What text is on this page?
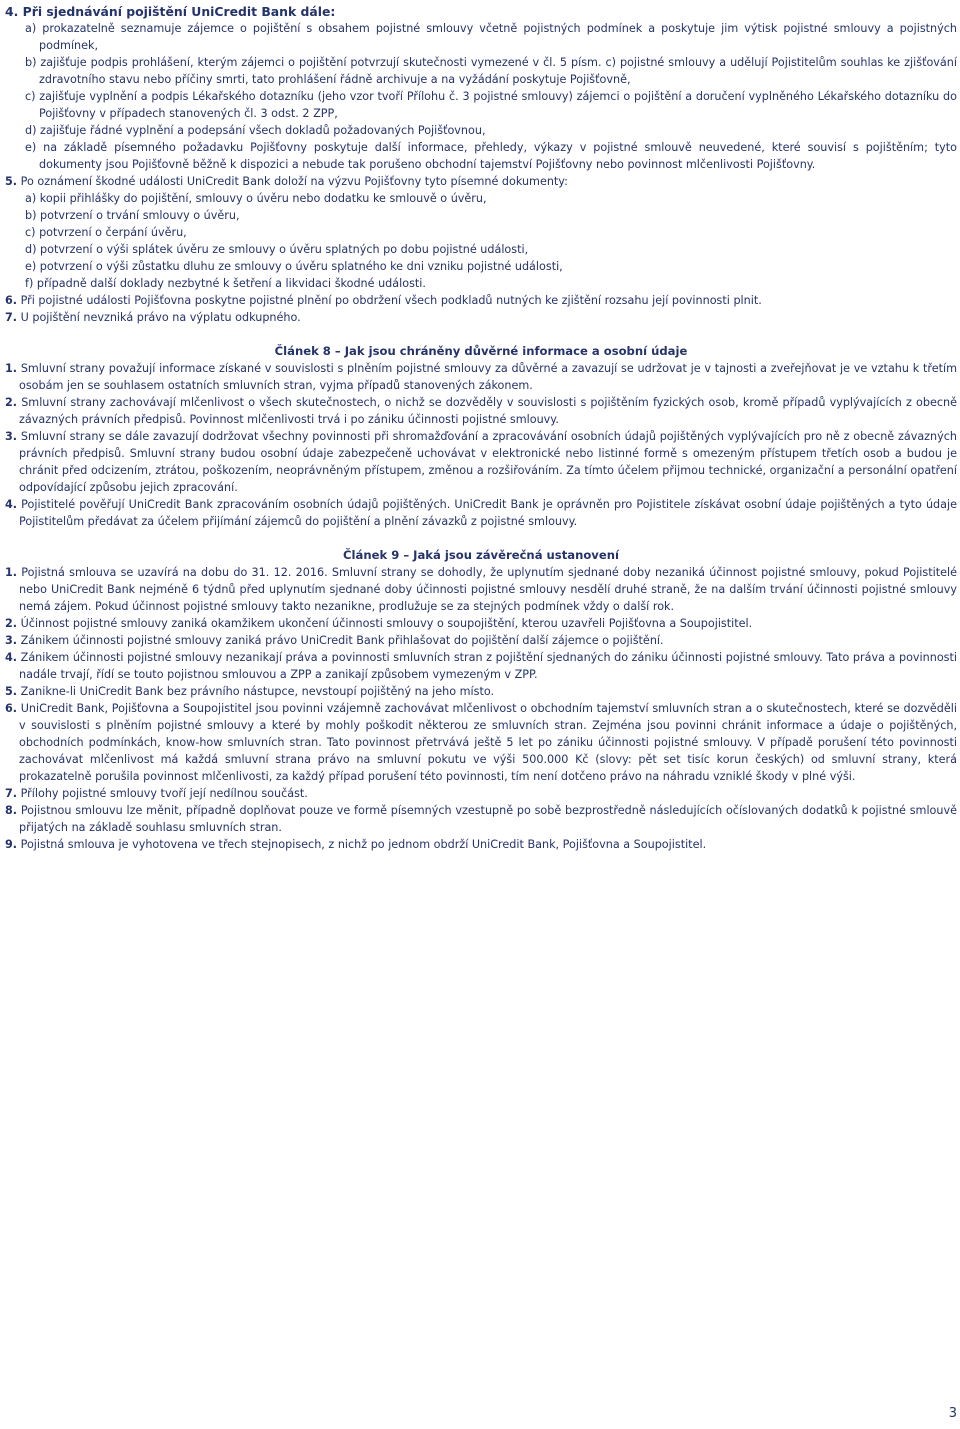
4. Při sjednávání pojištění UniCredit Bank dále:

a) prokazatelně seznamuje zájemce o pojištění s obsahem pojistné smlouvy včetně pojistných podmínek a poskytuje jim výtisk pojistné smlouvy a pojistných podmínek,

b) zajišťuje podpis prohlášení, kterým zájemci o pojištění potvrzují skutečnosti vymezené v čl. 5 písm. c) pojistné smlouvy a udělují Pojistitelům souhlas ke zjišťování zdravotního stavu nebo příčiny smrti, tato prohlášení řádně archivuje a na vyžádání poskytuje Pojišťovně,

c) zajišťuje vyplnění a podpis Lékařského dotazníku (jeho vzor tvoří Přílohu č. 3 pojistné smlouvy) zájemci o pojištění a doručení vyplněného Lékařského dotazníku do Pojišťovny v případech stanovených čl. 3 odst. 2 ZPP,

d) zajišťuje řádné vyplnění a podepsání všech dokladů požadovaných Pojišťovnou,

e) na základě písemného požadavku Pojišťovny poskytuje další informace, přehledy, výkazy v pojistné smlouvě neuvedené, které souvisí s pojištěním; tyto dokumenty jsou Pojišťovně běžně k dispozici a nebude tak porušeno obchodní tajemství Pojišťovny nebo povinnost mlčenlivosti Pojišťovny.

5. Po oznámení škodné události UniCredit Bank doloží na výzvu Pojišťovny tyto písemné dokumenty:

a) kopii přihlášky do pojištění, smlouvy o úvěru nebo dodatku ke smlouvě o úvěru,

b) potvrzení o trvání smlouvy o úvěru,

c) potvrzení o čerpání úvěru,

d) potvrzení o výši splátek úvěru ze smlouvy o úvěru splatných po dobu pojistné události,

e) potvrzení o výši zůstatku dluhu ze smlouvy o úvěru splatného ke dni vzniku pojistné události,

f) případně další doklady nezbytné k šetření a likvidaci škodné události.

6. Při pojistné události Pojišťovna poskytne pojistné plnění po obdržení všech podkladů nutných ke zjištění rozsahu její povinnosti plnit.

7. U pojištění nevzniká právo na výplatu odkupného.

Článek 8 – Jak jsou chráněny důvěrné informace a osobní údaje

1. Smluvní strany považují informace získané v souvislosti s plněním pojistné smlouvy za důvěrné a zavazují se udržovat je v tajnosti a zveřejňovat je ve vztahu k třetím osobám jen se souhlasem ostatních smluvních stran, vyjma případů stanovených zákonem.

2. Smluvní strany zachovávají mlčenlivost o všech skutečnostech, o nichž se dozvěděly v souvislosti s pojištěním fyzických osob, kromě případů vyplývajících z obecně závazných právních předpisů. Povinnost mlčenlivosti trvá i po zániku účinnosti pojistné smlouvy.

3. Smluvní strany se dále zavazují dodržovat všechny povinnosti při shromažďování a zpracovávání osobních údajů pojištěných vyplývajících pro ně z obecně závazných právních předpisů. Smluvní strany budou osobní údaje zabezpečeně uchovávat v elektronické nebo listinné formě s omezeným přístupem třetích osob a budou je chránit před odcizením, ztrátou, poškozením, neoprávněným přístupem, změnou a rozšiřováním. Za tímto účelem přijmou technické, organizační a personální opatření odpovídající způsobu jejich zpracování.

4. Pojistitelé pověřují UniCredit Bank zpracováním osobních údajů pojištěných. UniCredit Bank je oprávněn pro Pojistitele získávat osobní údaje pojištěných a tyto údaje Pojistitelům předávat za účelem přijímání zájemců do pojištění a plnění závazků z pojistné smlouvy.

Článek 9 – Jaká jsou závěrečná ustanovení

1. Pojistná smlouva se uzavírá na dobu do 31. 12. 2016. Smluvní strany se dohodly, že uplynutím sjednané doby nezaniká účinnost pojistné smlouvy, pokud Pojistitelé nebo UniCredit Bank nejméně 6 týdnů před uplynutím sjednané doby účinnosti pojistné smlouvy nesdělí druhé straně, že na dalším trvání účinnosti pojistné smlouvy nemá zájem. Pokud účinnost pojistné smlouvy takto nezanikne, prodlužuje se za stejných podmínek vždy o další rok.

2. Účinnost pojistné smlouvy zaniká okamžikem ukončení účinnosti smlouvy o soupojištění, kterou uzavřeli Pojišťovna a Soupojistitel.

3. Zánikem účinnosti pojistné smlouvy zaniká právo UniCredit Bank přihlašovat do pojištění další zájemce o pojištění.

4. Zánikem účinnosti pojistné smlouvy nezanikají práva a povinnosti smluvních stran z pojištění sjednaných do zániku účinnosti pojistné smlouvy. Tato práva a povinnosti nadále trvají, řídí se touto pojistnou smlouvou a ZPP a zanikají způsobem vymezeným v ZPP.

5. Zanikne-li UniCredit Bank bez právního nástupce, nevstoupí pojištěný na jeho místo.

6. UniCredit Bank, Pojišťovna a Soupojistitel jsou povinni vzájemně zachovávat mlčenlivost o obchodním tajemství smluvních stran a o skutečnostech, které se dozvěděli v souvislosti s plněním pojistné smlouvy a které by mohly poškodit některou ze smluvních stran. Zejména jsou povinni chránit informace a údaje o pojištěných, obchodních podmínkách, know-how smluvních stran. Tato povinnost přetrvává ještě 5 let po zániku účinnosti pojistné smlouvy. V případě porušení této povinnosti zachovávat mlčenlivost má každá smluvní strana právo na smluvní pokutu ve výši 500.000 Kč (slovy: pět set tisíc korun českých) od smluvní strany, která prokazatelně porušila povinnost mlčenlivosti, za každý případ porušení této povinnosti, tím není dotčeno právo na náhradu vzniklé škody v plné výši.

7. Přílohy pojistné smlouvy tvoří její nedílnou součást.

8. Pojistnou smlouvu lze měnit, případně doplňovat pouze ve formě písemných vzestupně po sobě bezprostředně následujících očíslovaných dodatků k pojistné smlouvě přijatých na základě souhlasu smluvních stran.

9. Pojistná smlouva je vyhotovena ve třech stejnopisech, z nichž po jednom obdrží UniCredit Bank, Pojišťovna a Soupojistitel.

3
